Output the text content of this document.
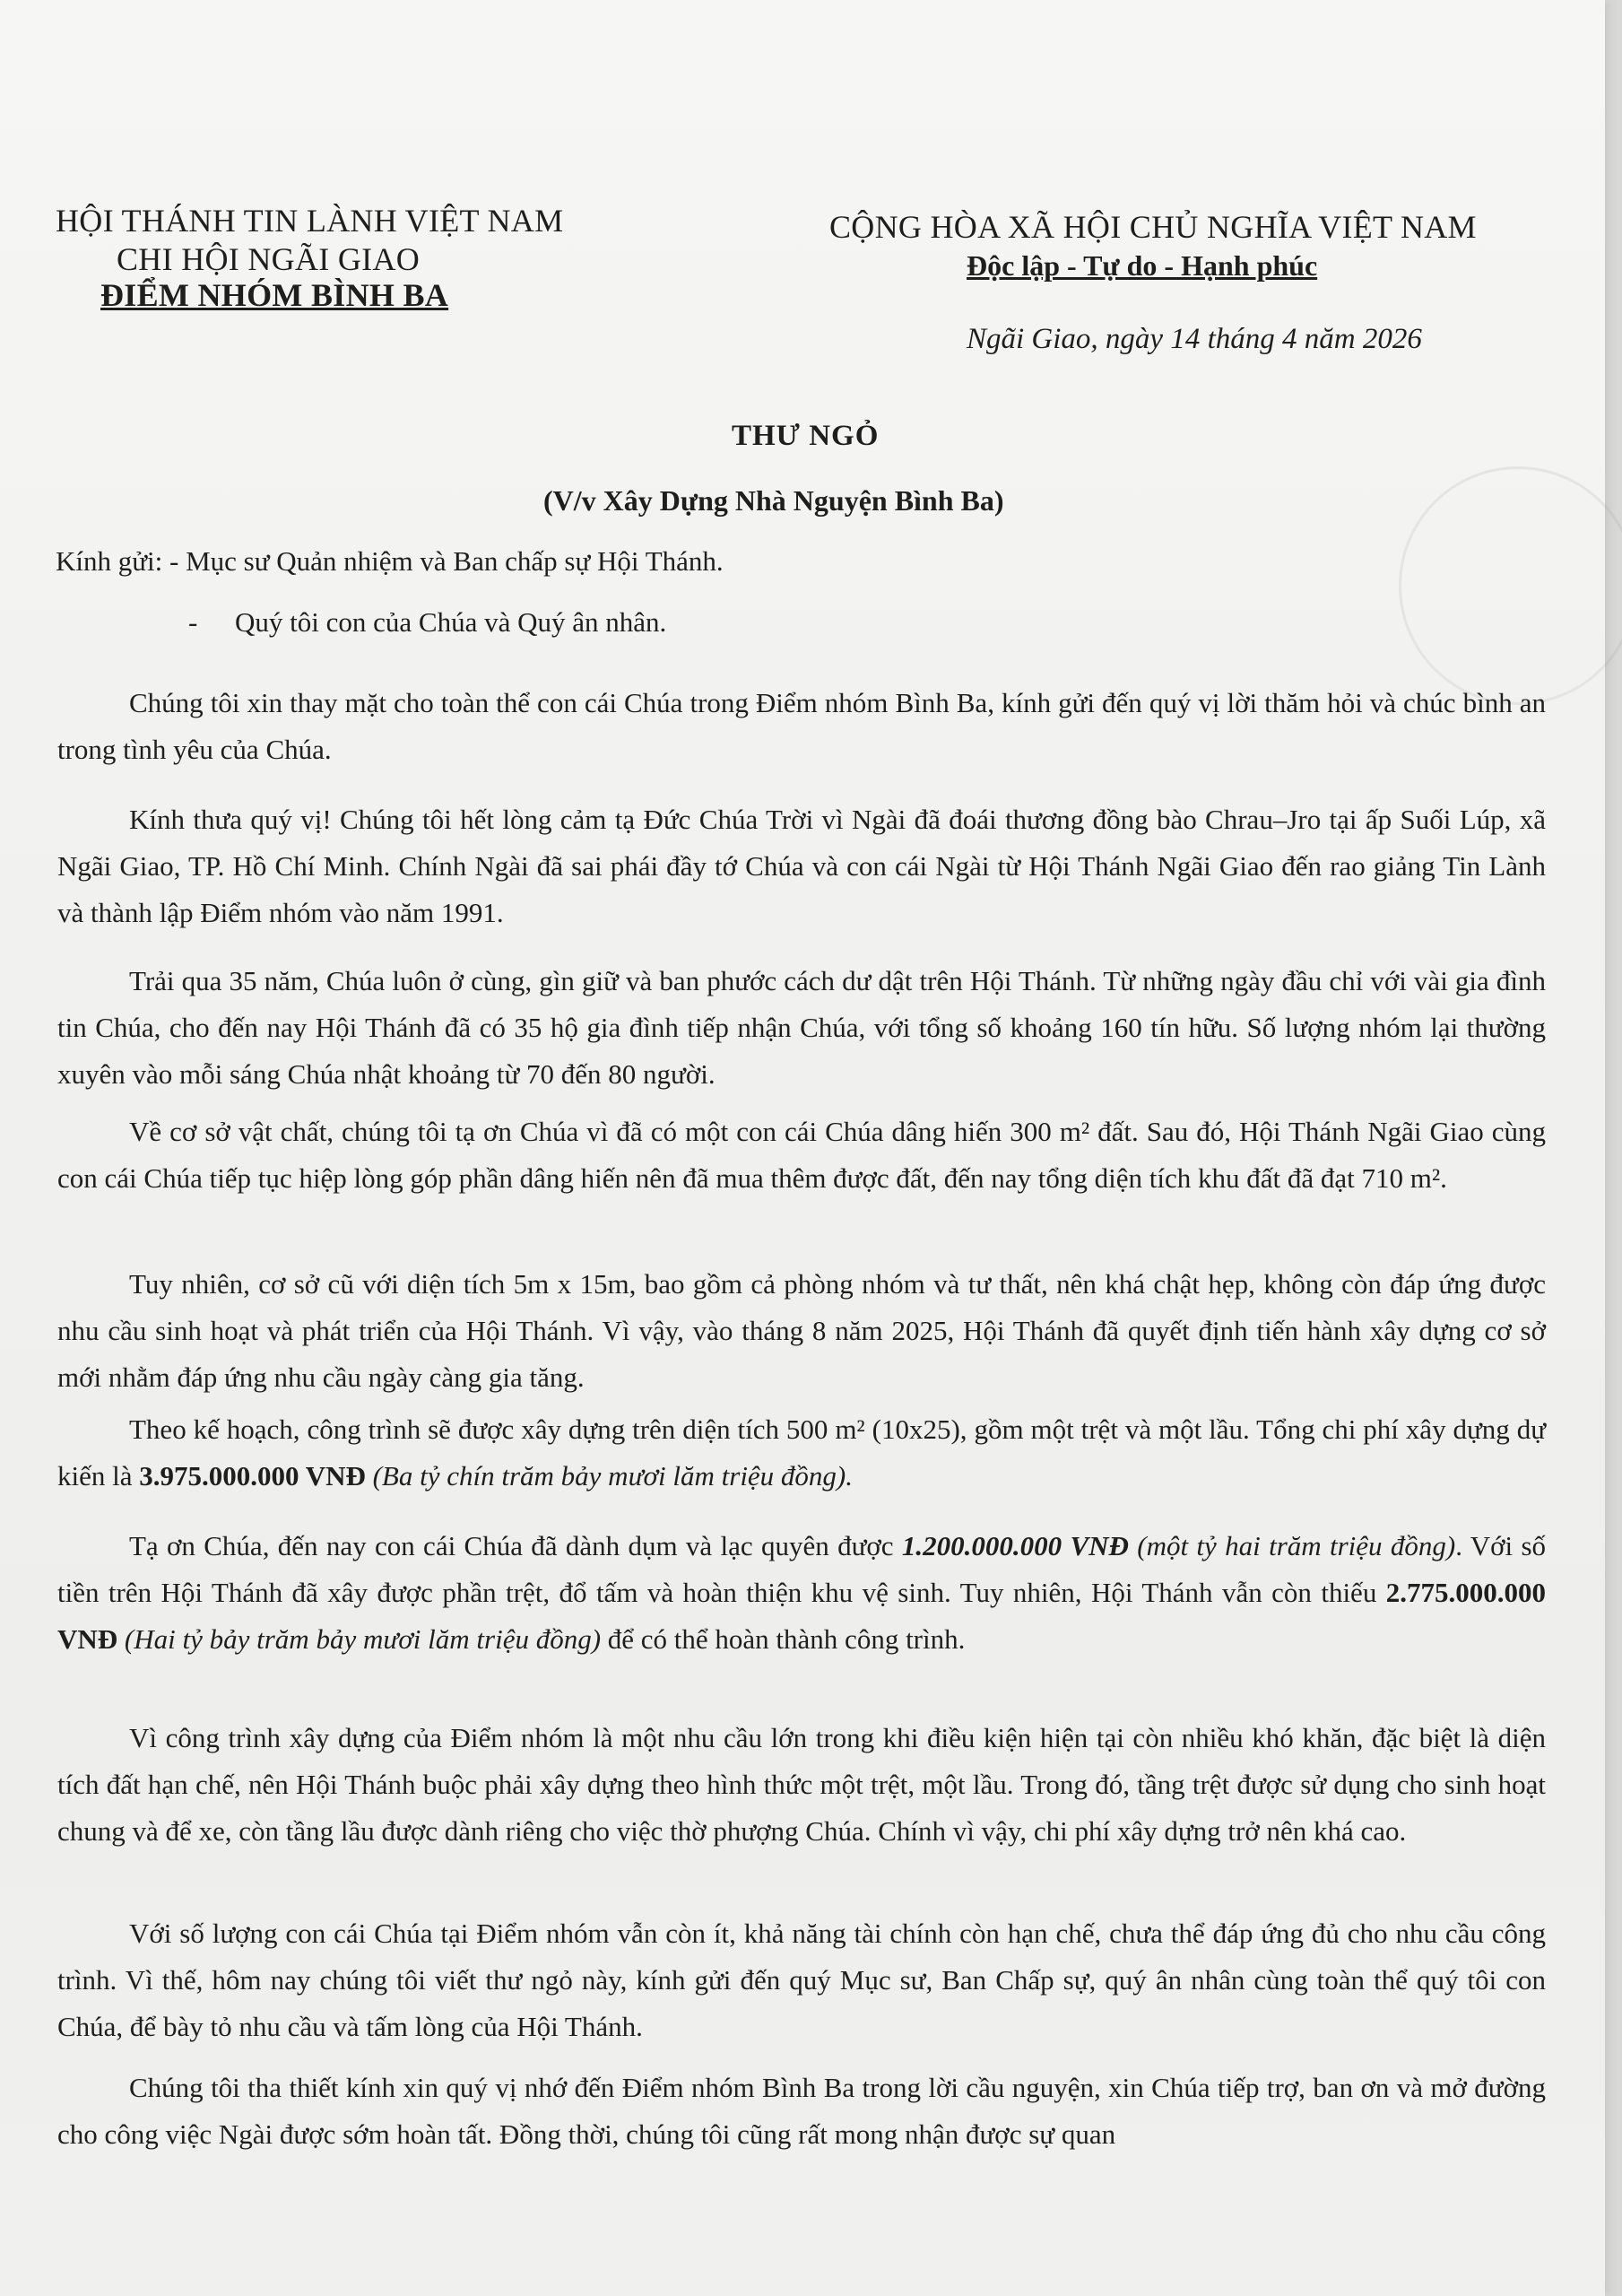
HỘI THÁNH TIN LÀNH VIỆT NAM
CHI HỘI NGÃI GIAO
ĐIỂM NHÓM BÌNH BA
CỘNG HÒA XÃ HỘI CHỦ NGHĨA VIỆT NAM
Độc lập - Tự do - Hạnh phúc
Ngãi Giao, ngày 14 tháng 4 năm 2026
THƯ NGỎ
(V/v Xây Dựng Nhà Nguyện Bình Ba)
Kính gửi: - Mục sư Quản nhiệm và Ban chấp sự Hội Thánh.
- Quý tôi con của Chúa và Quý ân nhân.
Chúng tôi xin thay mặt cho toàn thể con cái Chúa trong Điểm nhóm Bình Ba, kính gửi đến quý vị lời thăm hỏi và chúc bình an trong tình yêu của Chúa.
Kính thưa quý vị! Chúng tôi hết lòng cảm tạ Đức Chúa Trời vì Ngài đã đoái thương đồng bào Chrau–Jro tại ấp Suối Lúp, xã Ngãi Giao, TP. Hồ Chí Minh. Chính Ngài đã sai phái đầy tớ Chúa và con cái Ngài từ Hội Thánh Ngãi Giao đến rao giảng Tin Lành và thành lập Điểm nhóm vào năm 1991.
Trải qua 35 năm, Chúa luôn ở cùng, gìn giữ và ban phước cách dư dật trên Hội Thánh. Từ những ngày đầu chỉ với vài gia đình tin Chúa, cho đến nay Hội Thánh đã có 35 hộ gia đình tiếp nhận Chúa, với tổng số khoảng 160 tín hữu. Số lượng nhóm lại thường xuyên vào mỗi sáng Chúa nhật khoảng từ 70 đến 80 người.
Về cơ sở vật chất, chúng tôi tạ ơn Chúa vì đã có một con cái Chúa dâng hiến 300 m² đất. Sau đó, Hội Thánh Ngãi Giao cùng con cái Chúa tiếp tục hiệp lòng góp phần dâng hiến nên đã mua thêm được đất, đến nay tổng diện tích khu đất đã đạt 710 m².
Tuy nhiên, cơ sở cũ với diện tích 5m x 15m, bao gồm cả phòng nhóm và tư thất, nên khá chật hẹp, không còn đáp ứng được nhu cầu sinh hoạt và phát triển của Hội Thánh. Vì vậy, vào tháng 8 năm 2025, Hội Thánh đã quyết định tiến hành xây dựng cơ sở mới nhằm đáp ứng nhu cầu ngày càng gia tăng.
Theo kế hoạch, công trình sẽ được xây dựng trên diện tích 500 m² (10x25), gồm một trệt và một lầu. Tổng chi phí xây dựng dự kiến là 3.975.000.000 VNĐ (Ba tỷ chín trăm bảy mươi lăm triệu đồng).
Tạ ơn Chúa, đến nay con cái Chúa đã dành dụm và lạc quyên được 1.200.000.000 VNĐ (một tỷ hai trăm triệu đồng). Với số tiền trên Hội Thánh đã xây được phần trệt, đổ tấm và hoàn thiện khu vệ sinh. Tuy nhiên, Hội Thánh vẫn còn thiếu 2.775.000.000 VNĐ (Hai tỷ bảy trăm bảy mươi lăm triệu đồng) để có thể hoàn thành công trình.
Vì công trình xây dựng của Điểm nhóm là một nhu cầu lớn trong khi điều kiện hiện tại còn nhiều khó khăn, đặc biệt là diện tích đất hạn chế, nên Hội Thánh buộc phải xây dựng theo hình thức một trệt, một lầu. Trong đó, tầng trệt được sử dụng cho sinh hoạt chung và để xe, còn tầng lầu được dành riêng cho việc thờ phượng Chúa. Chính vì vậy, chi phí xây dựng trở nên khá cao.
Với số lượng con cái Chúa tại Điểm nhóm vẫn còn ít, khả năng tài chính còn hạn chế, chưa thể đáp ứng đủ cho nhu cầu công trình. Vì thế, hôm nay chúng tôi viết thư ngỏ này, kính gửi đến quý Mục sư, Ban Chấp sự, quý ân nhân cùng toàn thể quý tôi con Chúa, để bày tỏ nhu cầu và tấm lòng của Hội Thánh.
Chúng tôi tha thiết kính xin quý vị nhớ đến Điểm nhóm Bình Ba trong lời cầu nguyện, xin Chúa tiếp trợ, ban ơn và mở đường cho công việc Ngài được sớm hoàn tất. Đồng thời, chúng tôi cũng rất mong nhận được sự quan
